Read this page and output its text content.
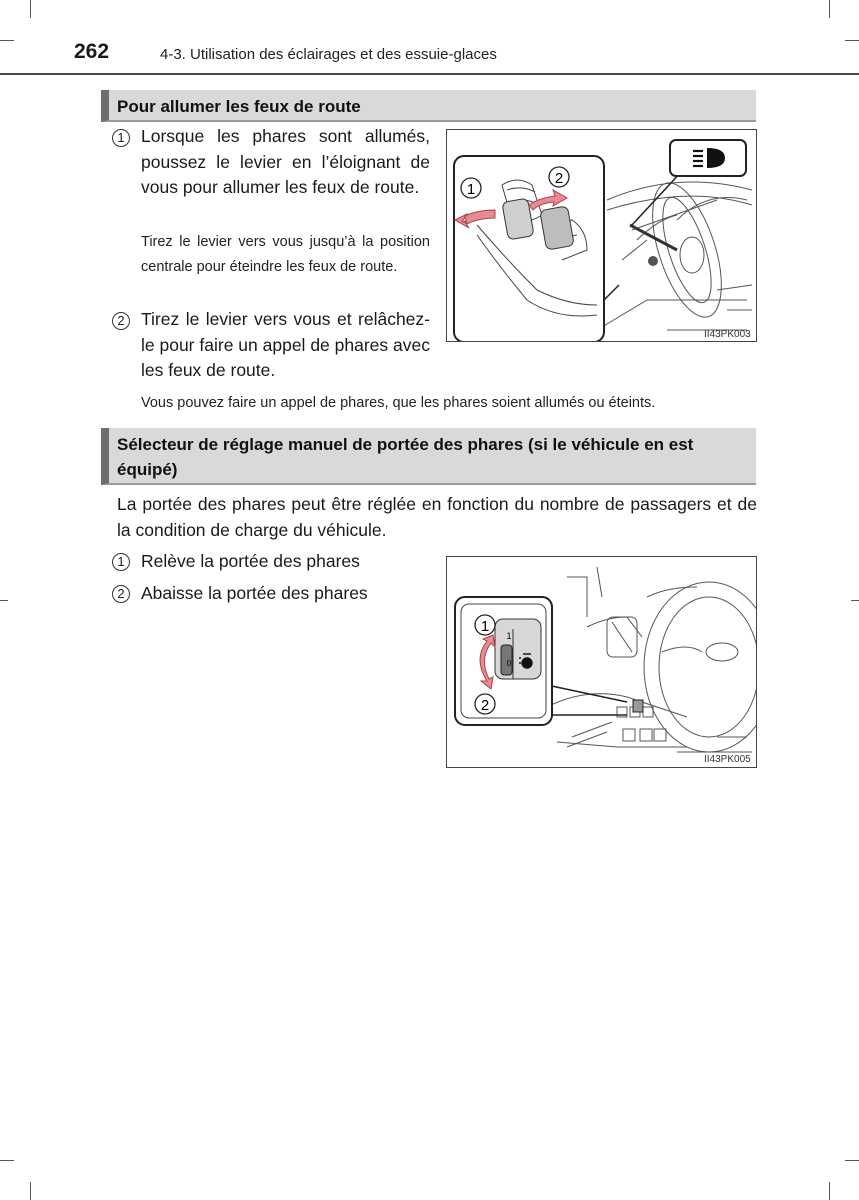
262	4-3. Utilisation des éclairages et des essuie-glaces
Pour allumer les feux de route
1 Lorsque les phares sont allumés, poussez le levier en l’éloignant de vous pour allumer les feux de route.
Tirez le levier vers vous jusqu’à la position centrale pour éteindre les feux de route.
2 Tirez le levier vers vous et relâchez-le pour faire un appel de phares avec les feux de route.
Vous pouvez faire un appel de phares, que les phares soient allumés ou éteints.
1
2
II43PK003
Sélecteur de réglage manuel de portée des phares (si le véhicule en est équipé)
La portée des phares peut être réglée en fonction du nombre de passagers et de la condition de charge du véhicule.
1 Relève la portée des phares
2 Abaisse la portée des phares
1
0
1
2
II43PK005
